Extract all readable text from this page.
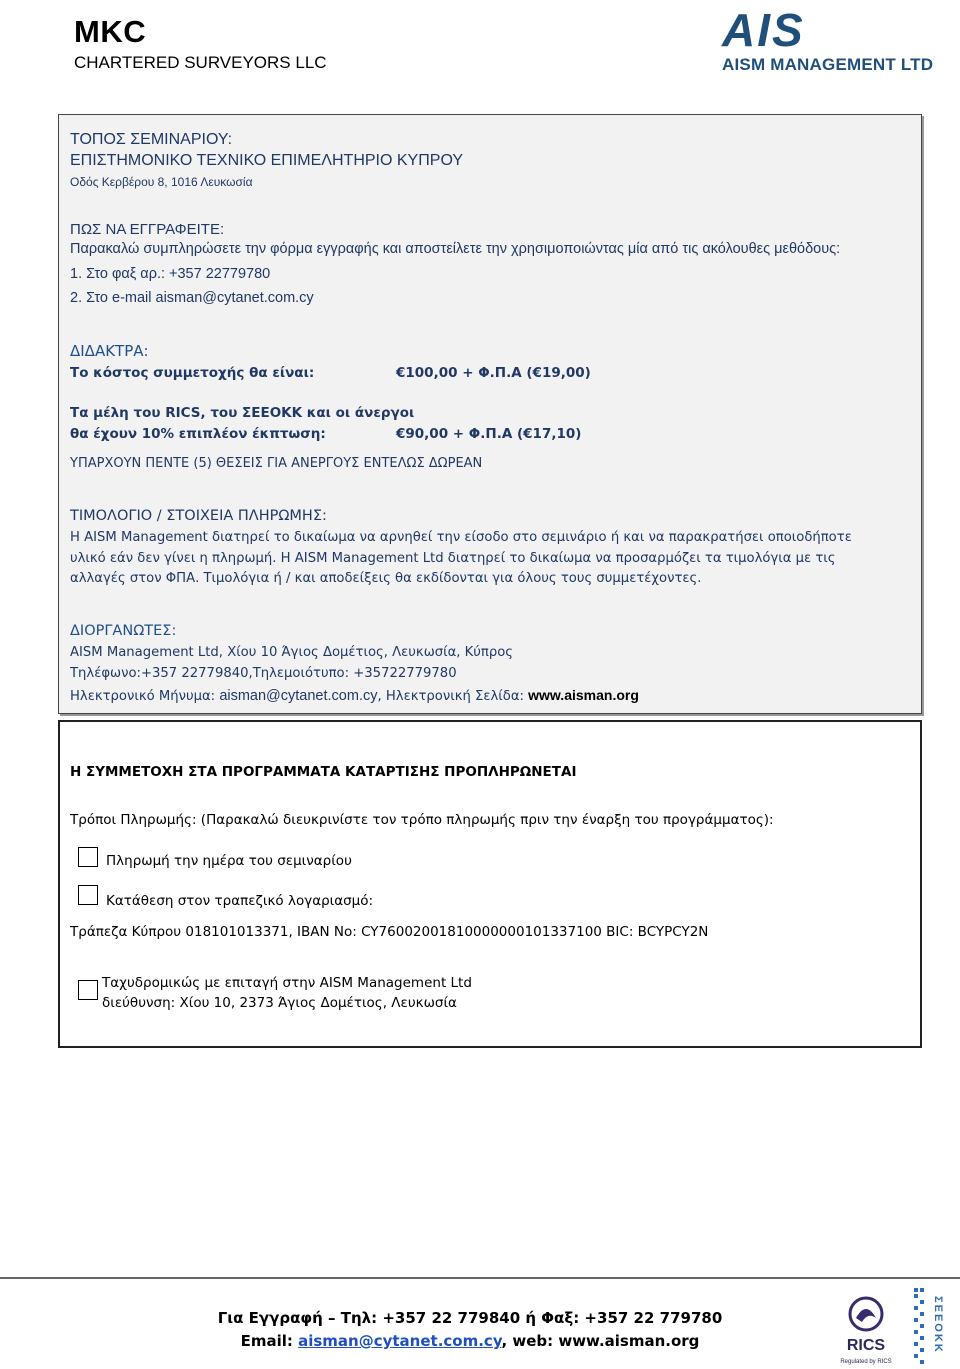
MKC
CHARTERED SURVEYORS LLC
AIS
AISM MANAGEMENT LTD
ΤΟΠΟΣ ΣΕΜΙΝΑΡΙΟΥ:
ΕΠΙΣΤΗΜΟΝΙΚΟ ΤΕΧΝΙΚΟ ΕΠΙΜΕΛΗΤΗΡΙΟ ΚΥΠΡΟΥ
Οδός Κερβέρου 8, 1016 Λευκωσία
ΠΩΣ ΝΑ ΕΓΓΡΑΦΕΙΤΕ:
Παρακαλώ συμπληρώσετε την φόρμα εγγραφής και αποστείλετε την χρησιμοποιώντας μία από τις ακόλουθες μεθόδους:
1. Στο φαξ αρ.: +357 22779780
2. Στο e-mail aisman@cytanet.com.cy
ΔΙΔΑΚΤΡΑ:
Το κόστος συμμετοχής θα είναι:	€100,00 + Φ.Π.Α (€19,00)
Τα μέλη του RICS, του ΣΕΕΟΚΚ και οι άνεργοι
θα έχουν 10% επιπλέον έκπτωση:	€90,00 + Φ.Π.Α (€17,10)
ΥΠΑΡΧΟΥΝ ΠΕΝΤΕ (5) ΘΕΣΕΙΣ ΓΙΑ ΑΝΕΡΓΟΥΣ ΕΝΤΕΛΩΣ ΔΩΡΕΑΝ
ΤΙΜΟΛΟΓΙΟ / ΣΤΟΙΧΕΙΑ ΠΛΗΡΩΜΗΣ:
Η AISM Management διατηρεί το δικαίωμα να αρνηθεί την είσοδο στο σεμινάριο ή και να παρακρατήσει οποιοδήποτε
υλικό εάν δεν γίνει η πληρωμή. Η AISM Management Ltd διατηρεί το δικαίωμα να προσαρμόζει τα τιμολόγια με τις
αλλαγές στον ΦΠΑ. Τιμολόγια ή / και αποδείξεις θα εκδίδονται για όλους τους συμμετέχοντες.
ΔΙΟΡΓΑΝΩΤΕΣ:
AISM Management Ltd, Χίου 10 Άγιος Δομέτιος, Λευκωσία, Κύπρος
Τηλέφωνο:+357 22779840,Τηλεμοιότυπο: +35722779780
Ηλεκτρονικό Μήνυμα: aisman@cytanet.com.cy, Ηλεκτρονική Σελίδα: www.aisman.org
Η ΣΥΜΜΕΤΟΧΗ ΣΤΑ ΠΡΟΓΡΑΜΜΑΤΑ ΚΑΤΑΡΤΙΣΗΣ ΠΡΟΠΛΗΡΩΝΕΤΑΙ
Τρόποι Πληρωμής: (Παρακαλώ διευκρινίστε τον τρόπο πληρωμής πριν την έναρξη του προγράμματος):
Πληρωμή την ημέρα του σεμιναρίου
Κατάθεση στον τραπεζικό λογαριασμό:
Τράπεζα Κύπρου 018101013371, IBAN No: CY76002001810000000101337100 BIC: BCYPCY2N
Ταχυδρομικώς με επιταγή στην AISM Management Ltd
διεύθυνση: Χίου 10, 2373 Άγιος Δομέτιος, Λευκωσία
Για Εγγραφή – Τηλ: +357 22 779840 ή Φαξ: +357 22 779780
Email: aisman@cytanet.com.cy, web: www.aisman.org	RICS
Regulated by RICS
ΣΕΕΟΚΚ
